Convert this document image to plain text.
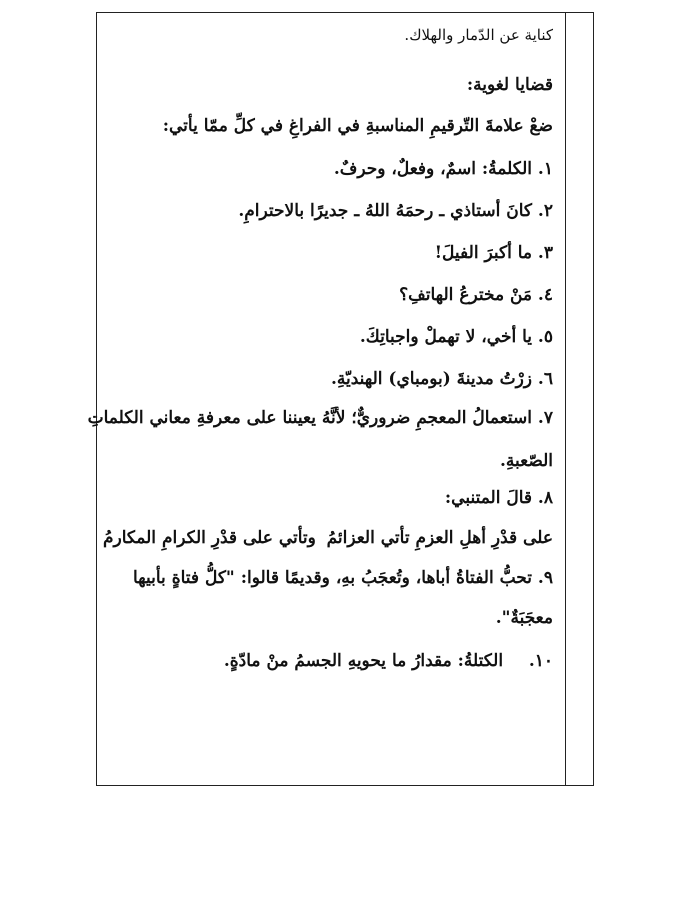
كناية عن الدّمار والهلاك.
قضايا لغوية:
ضعْ علامةَ التّرقيمِ المناسبةِ في الفراغِ في كلِّ ممّا يأتي:
١. الكلمةُ: اسمٌ، وفعلٌ، وحرفٌ.
٢. كانَ أستاذي ـ رحمَهُ اللهُ ـ جديرًا بالاحترامِ.
٣. ما أكبرَ الفيلَ!
٤. مَنْ مخترعُ الهاتفِ؟
٥. يا أخي، لا تهملْ واجباتِكَ.
٦. زرْتُ مدينةَ (بومباي) الهنديّةِ.
٧. استعمالُ المعجمِ ضروريٌّ؛ لأنَّهُ يعيننا على معرفةِ معاني الكلماتِ
الصّعبةِ.
٨. قالَ المتنبي:
على قدْرِ أهلِ العزمِ تأتي العزائمُ
وتأتي على قدْرِ الكرامِ المكارمُ
٩. تحبُّ الفتاةُ أباها، وتُعجَبُ بهِ، وقديمًا قالوا: "كلُّ فتاةٍ بأبيها
معجَبَةٌ".
١٠. الكتلةُ: مقدارُ ما يحويهِ الجسمُ منْ مادّةٍ.
